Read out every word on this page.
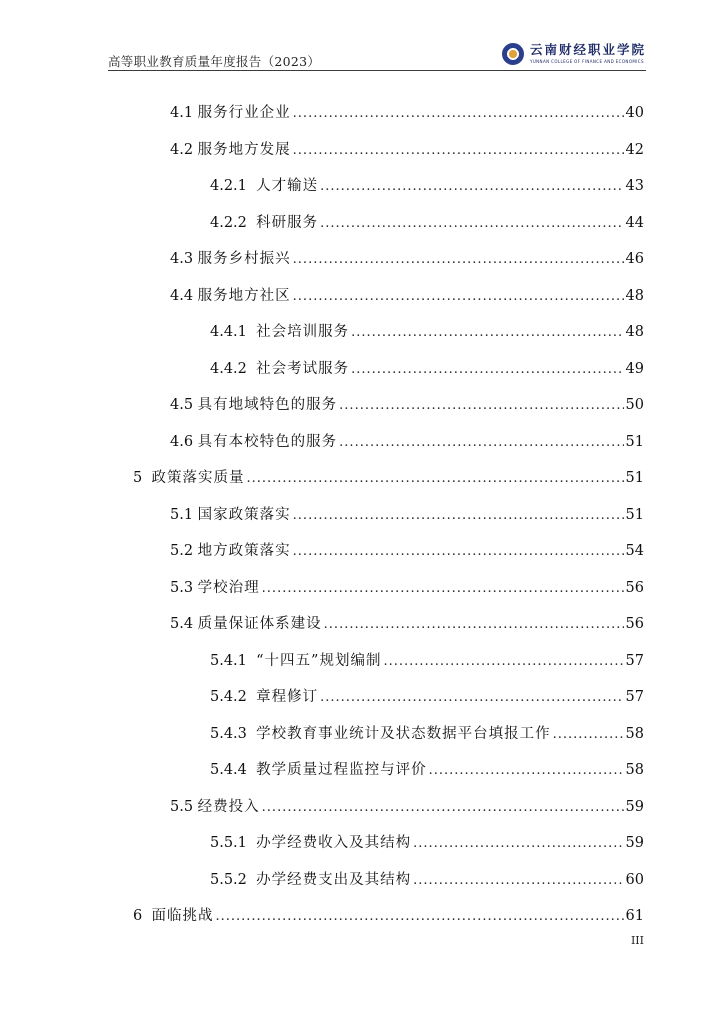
高等职业教育质量年度报告（2023）
云南财经职业学院
YUNNAN COLLEGE OF FINANCE AND ECONOMICS
4.1 服务行业企业 .....	40
4.2 服务地方发展 .....	42
4.2.1 人才输送 .....	43
4.2.2 科研服务 .....	44
4.3 服务乡村振兴 .....	46
4.4 服务地方社区 .....	48
4.4.1 社会培训服务 .....	48
4.4.2 社会考试服务 .....	49
4.5 具有地域特色的服务 .....	50
4.6 具有本校特色的服务 .....	51
5 政策落实质量 .....	51
5.1 国家政策落实 .....	51
5.2 地方政策落实 .....	54
5.3 学校治理 .....	56
5.4 质量保证体系建设 .....	56
5.4.1 “十四五”规划编制 .....	57
5.4.2 章程修订 .....	57
5.4.3 学校教育事业统计及状态数据平台填报工作 .....	58
5.4.4 教学质量过程监控与评价 .....	58
5.5 经费投入 .....	59
5.5.1 办学经费收入及其结构 .....	59
5.5.2 办学经费支出及其结构 .....	60
6 面临挑战 .....	61
III
